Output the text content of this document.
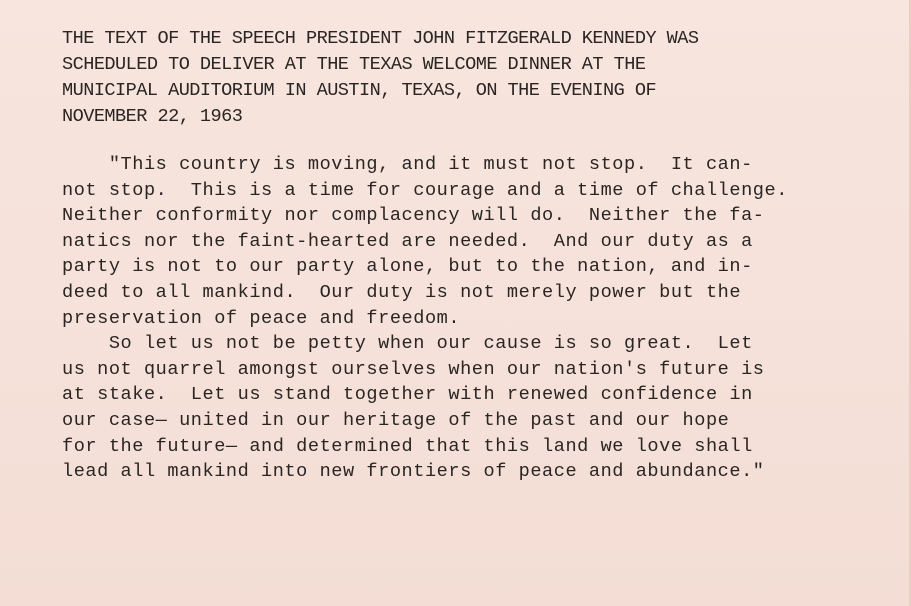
THE TEXT OF THE SPEECH PRESIDENT JOHN FITZGERALD KENNEDY WAS
SCHEDULED TO DELIVER AT THE TEXAS WELCOME DINNER AT THE
MUNICIPAL AUDITORIUM IN AUSTIN, TEXAS, ON THE EVENING OF
NOVEMBER 22, 1963
"This country is moving, and it must not stop.  It can-
not stop.  This is a time for courage and a time of challenge.
Neither conformity nor complacency will do.  Neither the fa-
natics nor the faint-hearted are needed.  And our duty as a
party is not to our party alone, but to the nation, and in-
deed to all mankind.  Our duty is not merely power but the
preservation of peace and freedom.
So let us not be petty when our cause is so great.  Let
us not quarrel amongst ourselves when our nation's future is
at stake.  Let us stand together with renewed confidence in
our case— united in our heritage of the past and our hope
for the future— and determined that this land we love shall
lead all mankind into new frontiers of peace and abundance."
